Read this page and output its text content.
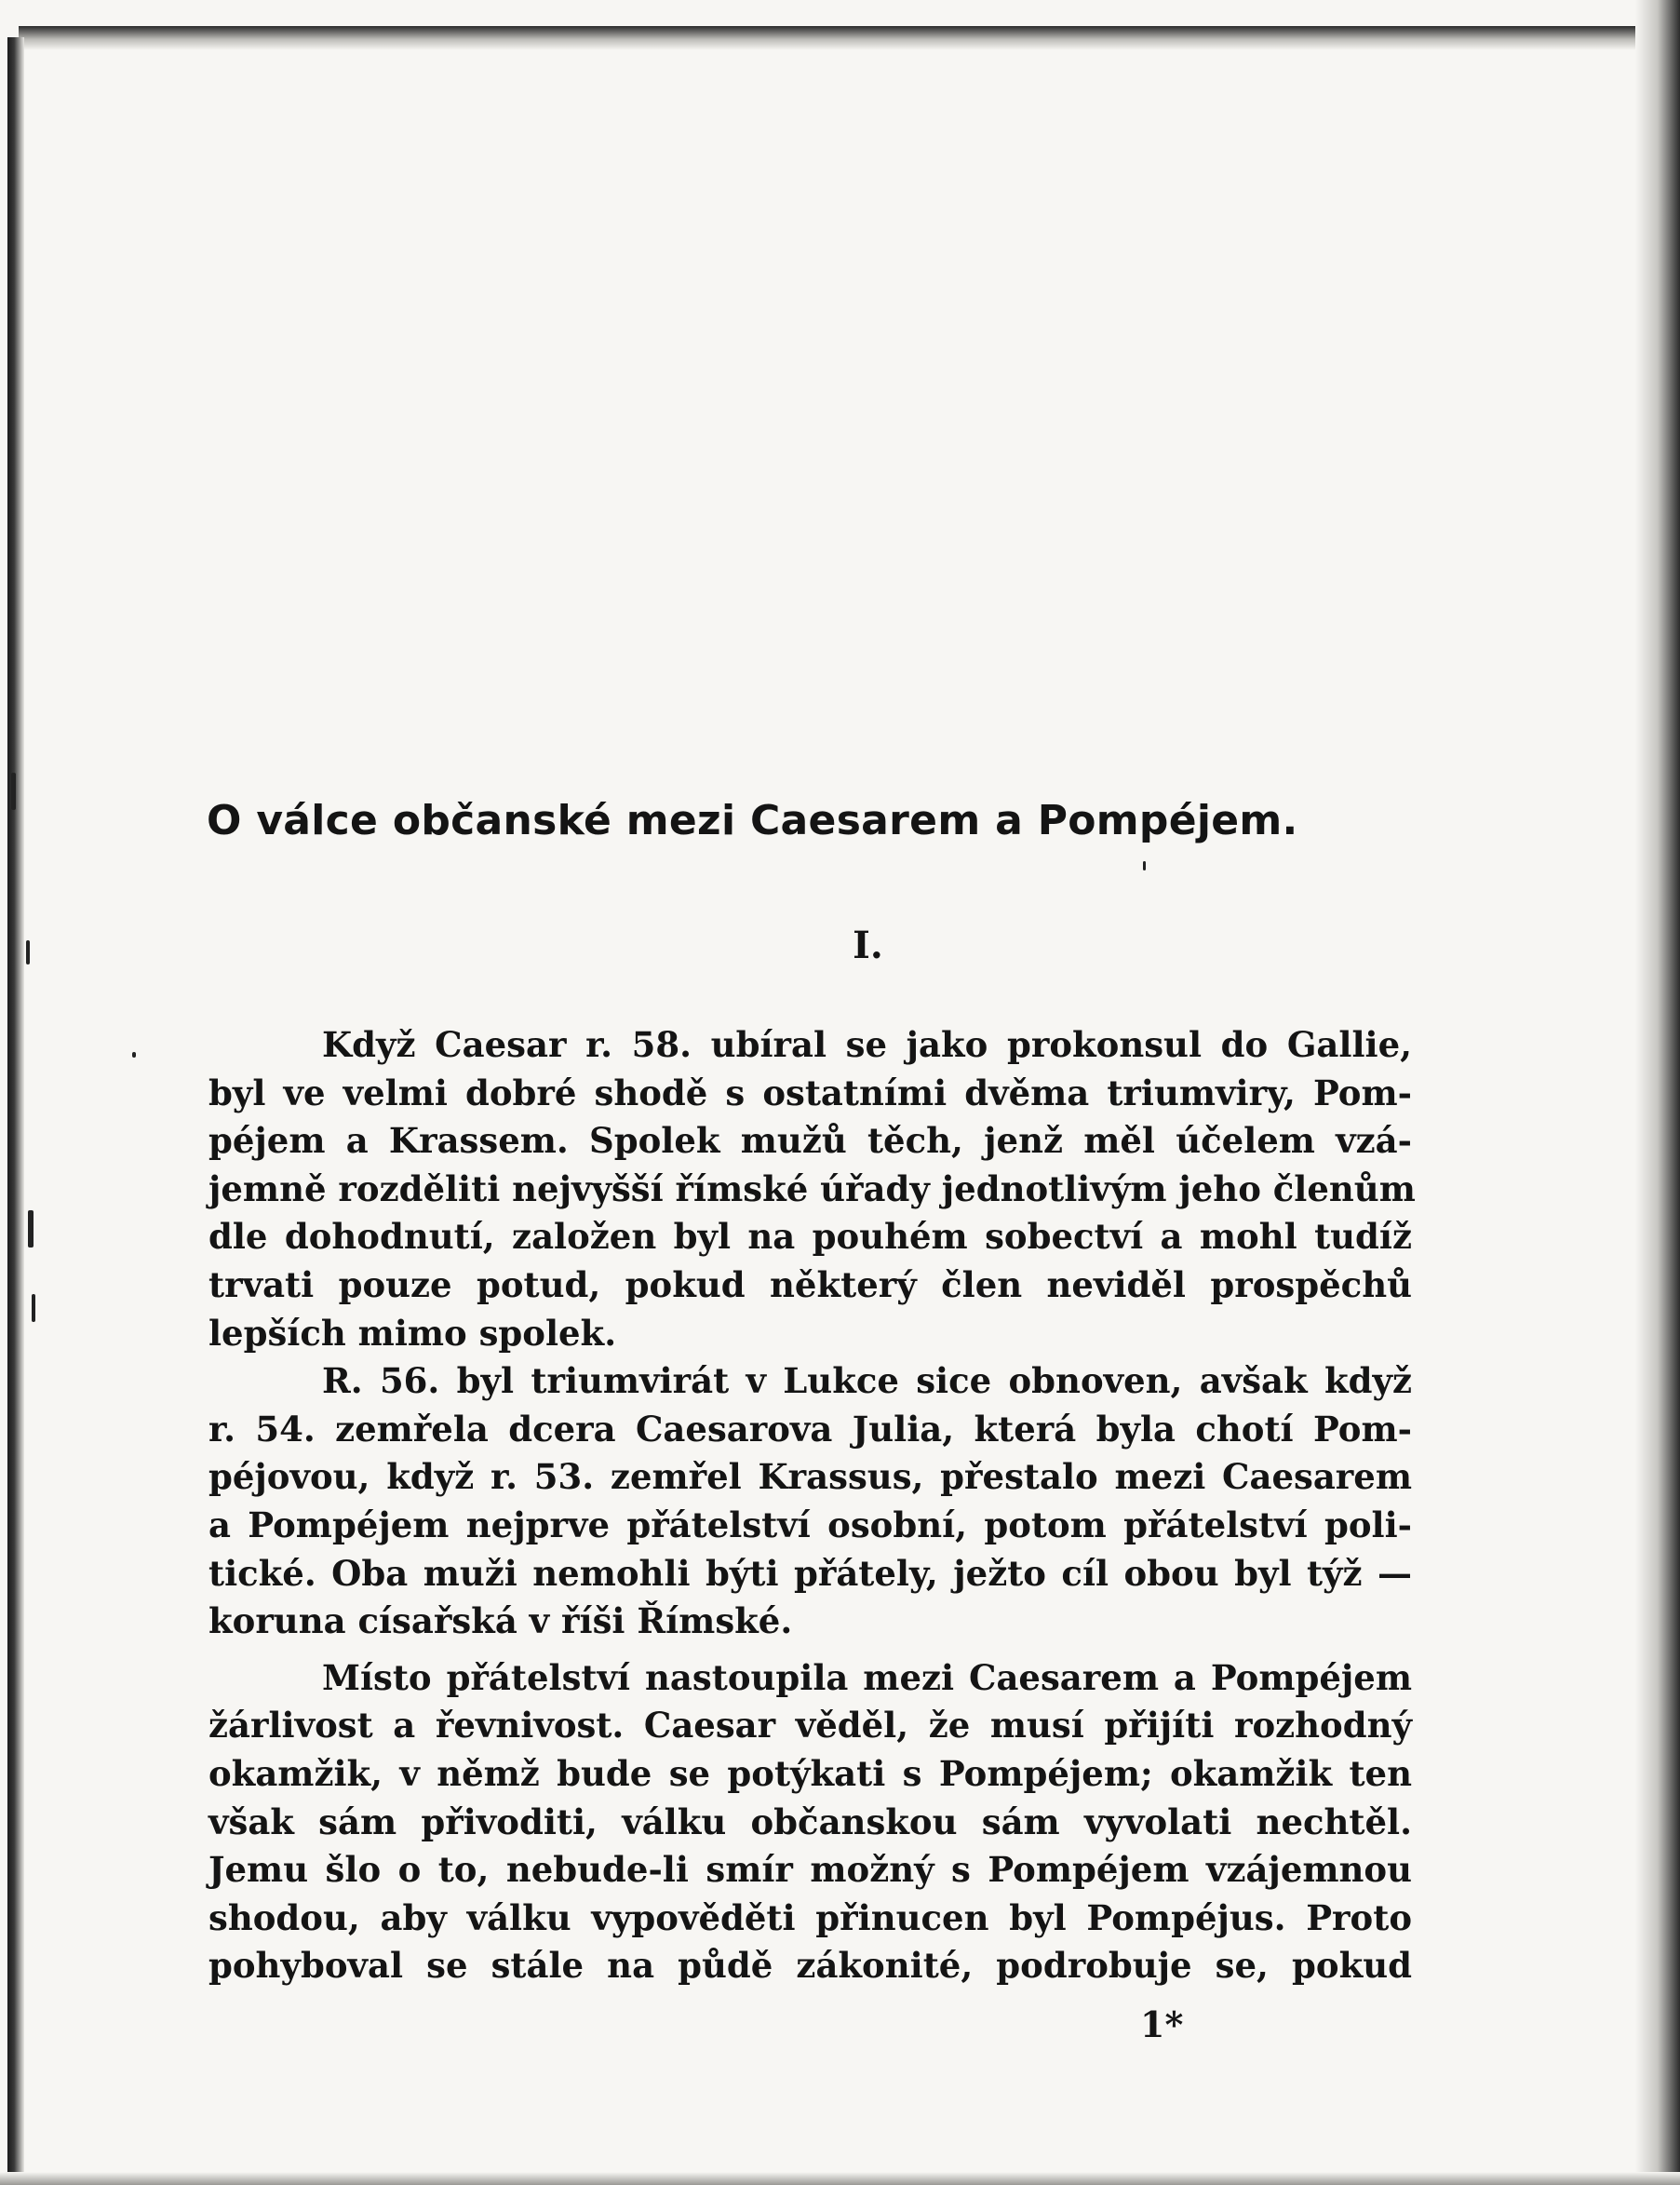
O válce občanské mezi Caesarem a Pompéjem.
I.
Když Caesar r. 58. ubíral se jako prokonsul do Gallie,
byl ve velmi dobré shodě s ostatními dvěma triumviry, Pom-
péjem a Krassem. Spolek mužů těch, jenž měl účelem vzá-
jemně rozděliti nejvyšší římské úřady jednotlivým jeho členům
dle dohodnutí, založen byl na pouhém sobectví a mohl tudíž
trvati pouze potud, pokud některý člen neviděl prospěchů
lepších mimo spolek.
R. 56. byl triumvirát v Lukce sice obnoven, avšak když
r. 54. zemřela dcera Caesarova Julia, která byla chotí Pom-
péjovou, když r. 53. zemřel Krassus, přestalo mezi Caesarem
a Pompéjem nejprve přátelství osobní, potom přátelství poli-
tické. Oba muži nemohli býti přátely, ježto cíl obou byl týž —
koruna císařská v říši Římské.
Místo přátelství nastoupila mezi Caesarem a Pompéjem
žárlivost a řevnivost. Caesar věděl, že musí přijíti rozhodný
okamžik, v němž bude se potýkati s Pompéjem; okamžik ten
však sám přivoditi, válku občanskou sám vyvolati nechtěl.
Jemu šlo o to, nebude-li smír možný s Pompéjem vzájemnou
shodou, aby válku vypověděti přinucen byl Pompéjus. Proto
pohyboval se stále na půdě zákonité, podrobuje se, pokud
1*
